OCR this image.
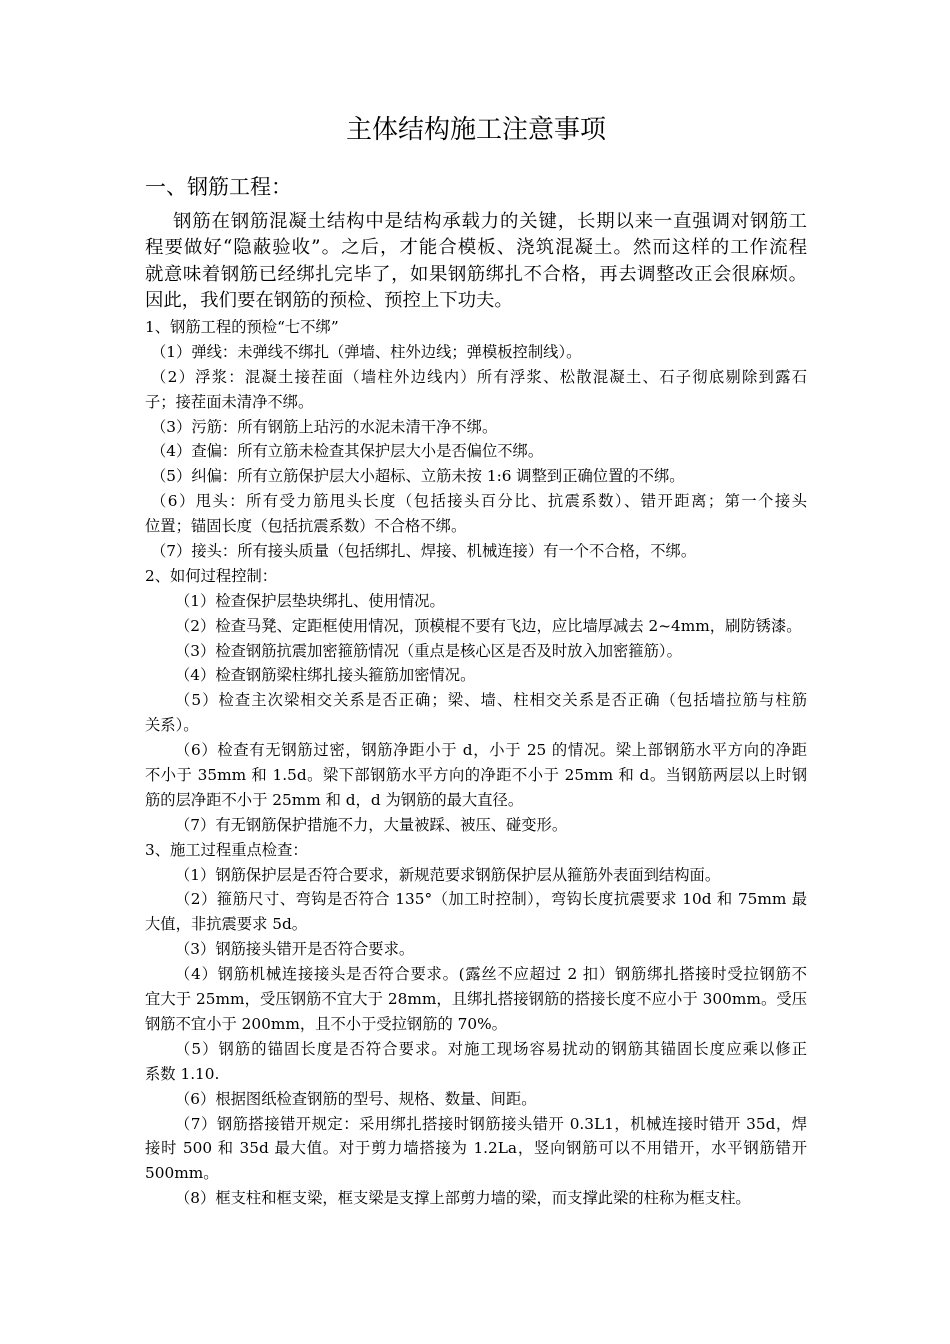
主体结构施工注意事项
一、钢筋工程：
钢筋在钢筋混凝土结构中是结构承载力的关键，长期以来一直强调对钢筋工
程要做好“隐蔽验收”。之后，才能合模板、浇筑混凝土。然而这样的工作流程
就意味着钢筋已经绑扎完毕了，如果钢筋绑扎不合格，再去调整改正会很麻烦。
因此，我们要在钢筋的预检、预控上下功夫。
1、钢筋工程的预检“七不绑”
（1）弹线：未弹线不绑扎（弹墙、柱外边线；弹模板控制线）。
（2）浮浆：混凝土接茬面（墙柱外边线内）所有浮浆、松散混凝土、石子彻底剔除到露石
子；接茬面未清净不绑。
（3）污筋：所有钢筋上玷污的水泥未清干净不绑。
（4）查偏：所有立筋未检查其保护层大小是否偏位不绑。
（5）纠偏：所有立筋保护层大小超标、立筋未按 1:6 调整到正确位置的不绑。
（6）甩头：所有受力筋甩头长度（包括接头百分比、抗震系数）、错开距离；第一个接头
位置；锚固长度（包括抗震系数）不合格不绑。
（7）接头：所有接头质量（包括绑扎、焊接、机械连接）有一个不合格，不绑。
2、如何过程控制：
（1）检查保护层垫块绑扎、使用情况。
（2）检查马凳、定距框使用情况，顶模棍不要有飞边，应比墙厚减去 2~4mm，刷防锈漆。
（3）检查钢筋抗震加密箍筋情况（重点是核心区是否及时放入加密箍筋）。
（4）检查钢筋梁柱绑扎接头箍筋加密情况。
（5）检查主次梁相交关系是否正确；梁、墙、柱相交关系是否正确（包括墙拉筋与柱筋
关系）。
（6）检查有无钢筋过密，钢筋净距小于 d，小于 25 的情况。梁上部钢筋水平方向的净距
不小于 35mm 和 1.5d。梁下部钢筋水平方向的净距不小于 25mm 和 d。当钢筋两层以上时钢
筋的层净距不小于 25mm 和 d，d 为钢筋的最大直径。
（7）有无钢筋保护措施不力，大量被踩、被压、碰变形。
3、施工过程重点检查：
（1）钢筋保护层是否符合要求，新规范要求钢筋保护层从箍筋外表面到结构面。
（2）箍筋尺寸、弯钩是否符合 135°（加工时控制），弯钩长度抗震要求 10d 和 75mm 最
大值，非抗震要求 5d。
（3）钢筋接头错开是否符合要求。
（4）钢筋机械连接接头是否符合要求。(露丝不应超过 2 扣）钢筋绑扎搭接时受拉钢筋不
宜大于 25mm，受压钢筋不宜大于 28mm，且绑扎搭接钢筋的搭接长度不应小于 300mm。受压
钢筋不宜小于 200mm，且不小于受拉钢筋的 70%。
（5）钢筋的锚固长度是否符合要求。对施工现场容易扰动的钢筋其锚固长度应乘以修正
系数 1.10.
（6）根据图纸检查钢筋的型号、规格、数量、间距。
（7）钢筋搭接错开规定：采用绑扎搭接时钢筋接头错开 0.3L1，机械连接时错开 35d，焊
接时 500 和 35d 最大值。对于剪力墙搭接为 1.2La，竖向钢筋可以不用错开，水平钢筋错开
500mm。
（8）框支柱和框支梁，框支梁是支撑上部剪力墙的梁，而支撑此梁的柱称为框支柱。
